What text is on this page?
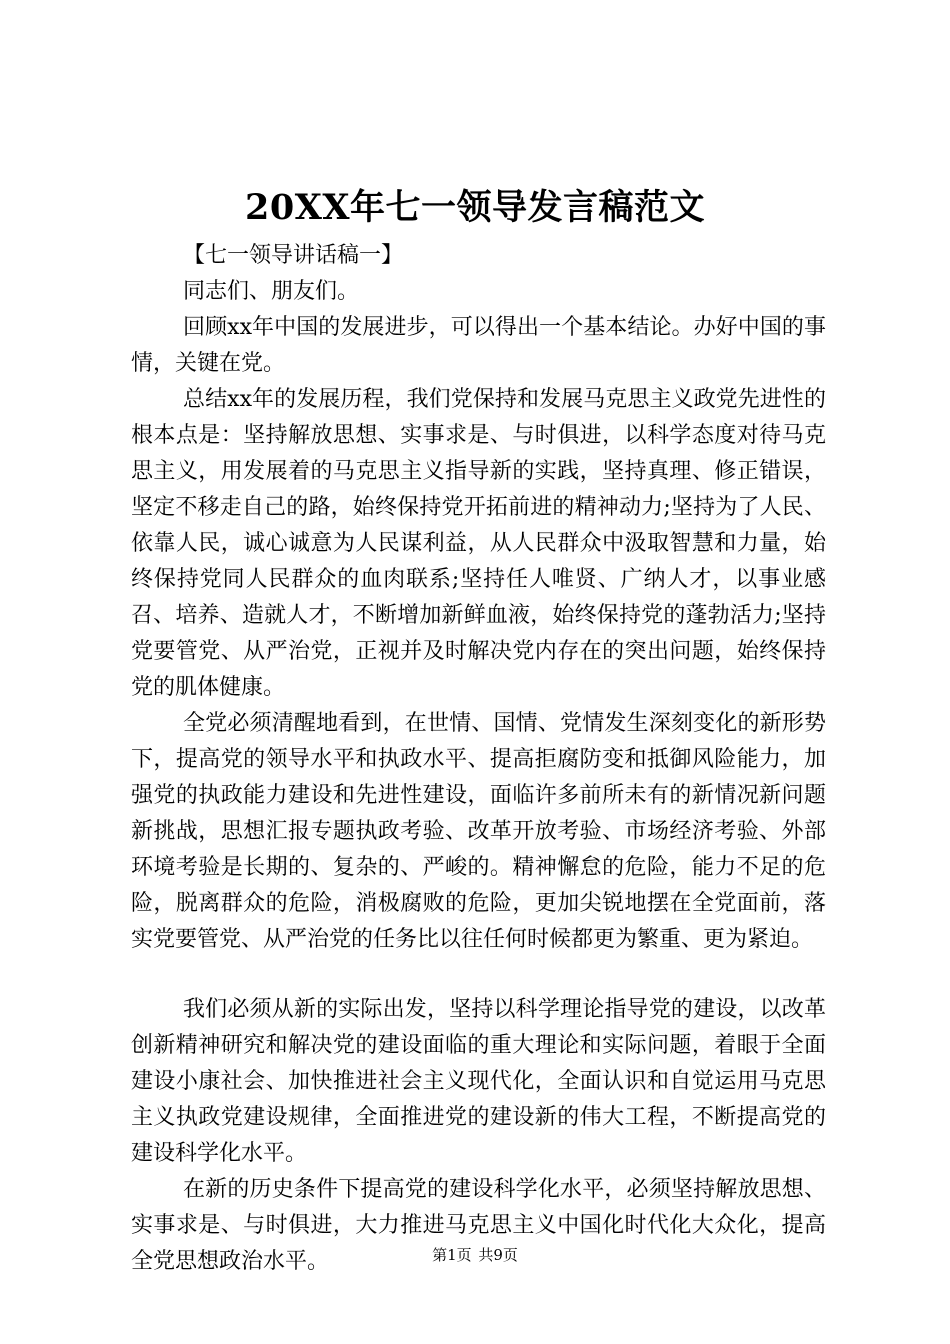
20XX年七一领导发言稿范文

【七一领导讲话稿一】

同志们、朋友们。

回顾xx年中国的发展进步，可以得出一个基本结论。办好中国的事情，关键在党。

总结xx年的发展历程，我们党保持和发展马克思主义政党先进性的根本点是：坚持解放思想、实事求是、与时俱进，以科学态度对待马克思主义，用发展着的马克思主义指导新的实践，坚持真理、修正错误，坚定不移走自己的路，始终保持党开拓前进的精神动力;坚持为了人民、依靠人民，诚心诚意为人民谋利益，从人民群众中汲取智慧和力量，始终保持党同人民群众的血肉联系;坚持任人唯贤、广纳人才，以事业感召、培养、造就人才，不断增加新鲜血液，始终保持党的蓬勃活力;坚持党要管党、从严治党，正视并及时解决党内存在的突出问题，始终保持党的肌体健康。

全党必须清醒地看到，在世情、国情、党情发生深刻变化的新形势下，提高党的领导水平和执政水平、提高拒腐防变和抵御风险能力，加强党的执政能力建设和先进性建设，面临许多前所未有的新情况新问题新挑战，思想汇报专题执政考验、改革开放考验、市场经济考验、外部环境考验是长期的、复杂的、严峻的。精神懈怠的危险，能力不足的危险，脱离群众的危险，消极腐败的危险，更加尖锐地摆在全党面前，落实党要管党、从严治党的任务比以往任何时候都更为繁重、更为紧迫。

我们必须从新的实际出发，坚持以科学理论指导党的建设，以改革创新精神研究和解决党的建设面临的重大理论和实际问题，着眼于全面建设小康社会、加快推进社会主义现代化，全面认识和自觉运用马克思主义执政党建设规律，全面推进党的建设新的伟大工程，不断提高党的建设科学化水平。

在新的历史条件下提高党的建设科学化水平，必须坚持解放思想、实事求是、与时俱进，大力推进马克思主义中国化时代化大众化，提高全党思想政治水平。	第1页 共9页
